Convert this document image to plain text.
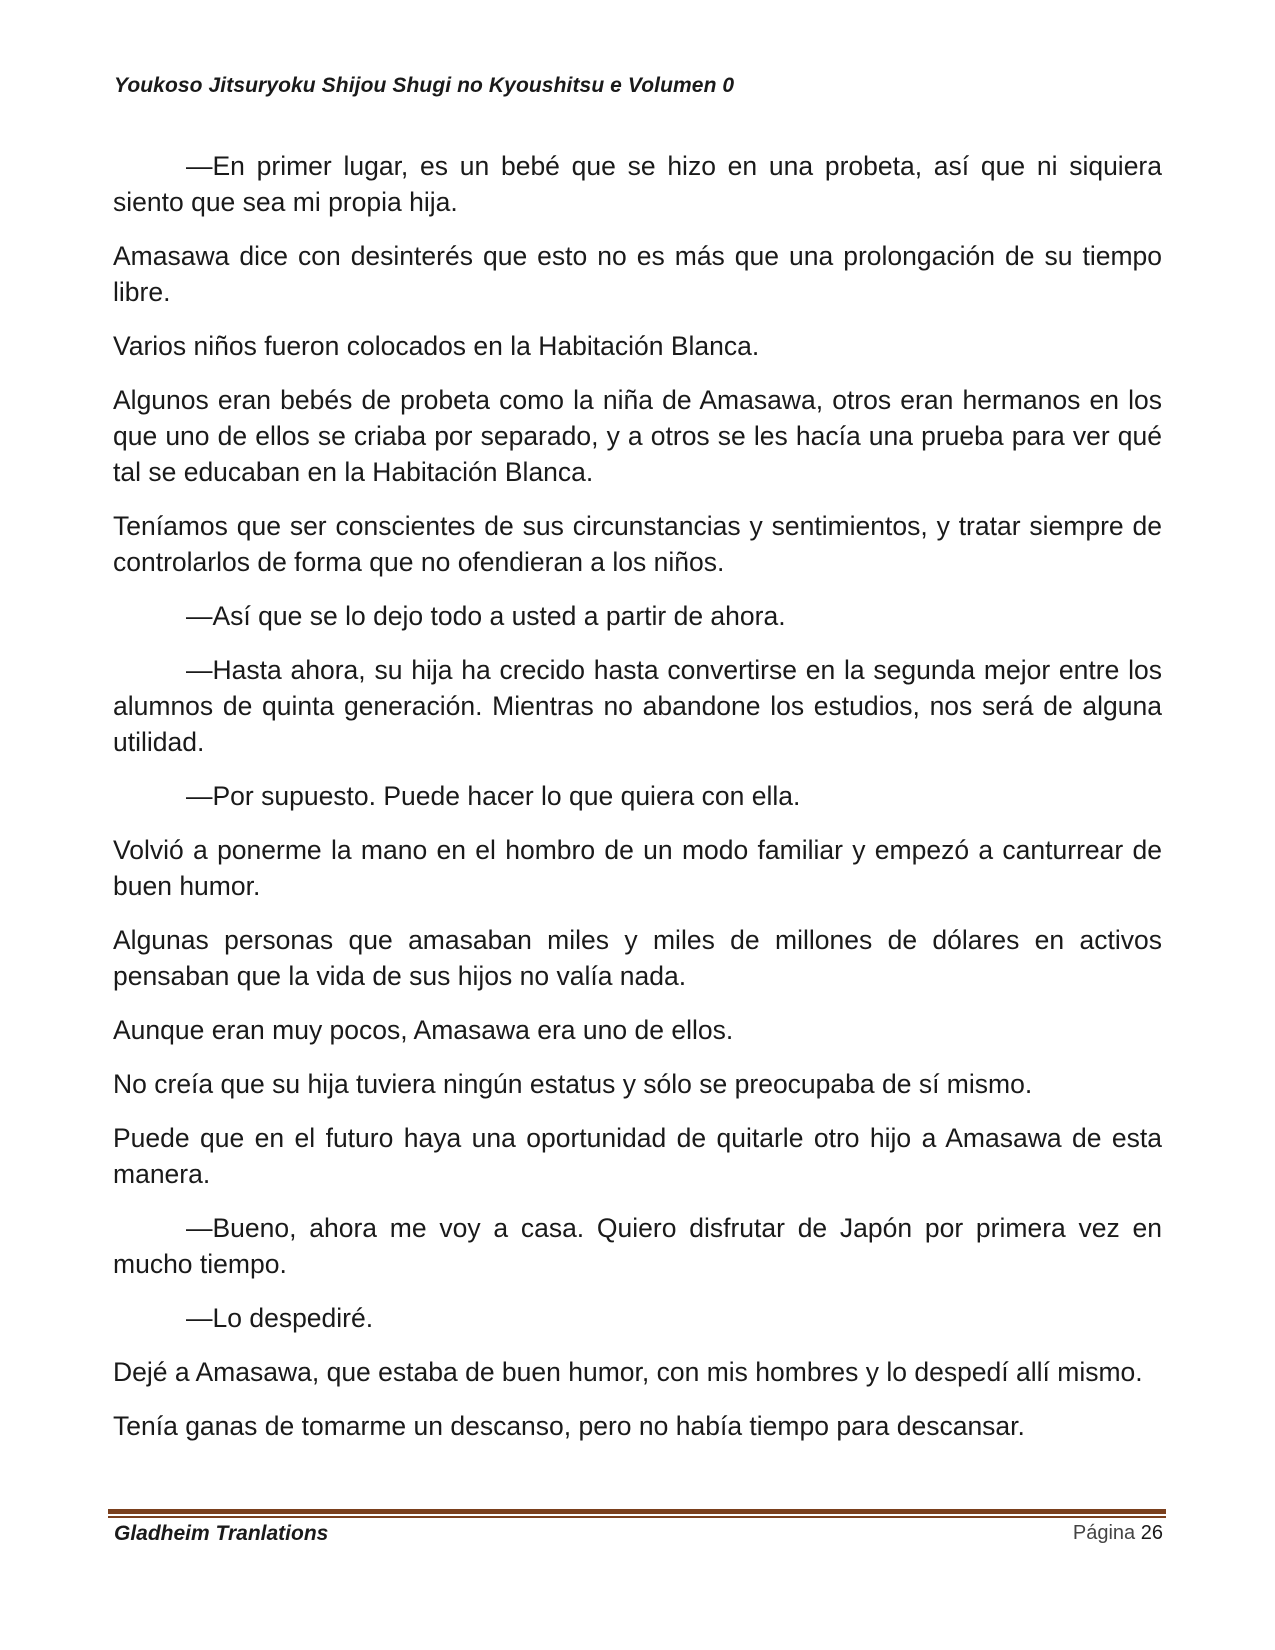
Youkoso Jitsuryoku Shijou Shugi no Kyoushitsu e Volumen 0

—En primer lugar, es un bebé que se hizo en una probeta, así que ni siquiera siento que sea mi propia hija.

Amasawa dice con desinterés que esto no es más que una prolongación de su tiempo libre.

Varios niños fueron colocados en la Habitación Blanca.

Algunos eran bebés de probeta como la niña de Amasawa, otros eran hermanos en los que uno de ellos se criaba por separado, y a otros se les hacía una prueba para ver qué tal se educaban en la Habitación Blanca.

Teníamos que ser conscientes de sus circunstancias y sentimientos, y tratar siempre de controlarlos de forma que no ofendieran a los niños.

—Así que se lo dejo todo a usted a partir de ahora.

—Hasta ahora, su hija ha crecido hasta convertirse en la segunda mejor entre los alumnos de quinta generación. Mientras no abandone los estudios, nos será de alguna utilidad.

—Por supuesto. Puede hacer lo que quiera con ella.

Volvió a ponerme la mano en el hombro de un modo familiar y empezó a canturrear de buen humor.

Algunas personas que amasaban miles y miles de millones de dólares en activos pensaban que la vida de sus hijos no valía nada.

Aunque eran muy pocos, Amasawa era uno de ellos.

No creía que su hija tuviera ningún estatus y sólo se preocupaba de sí mismo.

Puede que en el futuro haya una oportunidad de quitarle otro hijo a Amasawa de esta manera.

—Bueno, ahora me voy a casa. Quiero disfrutar de Japón por primera vez en mucho tiempo.

—Lo despediré.

Dejé a Amasawa, que estaba de buen humor, con mis hombres y lo despedí allí mismo.

Tenía ganas de tomarme un descanso, pero no había tiempo para descansar.

Gladheim Tranlations	Página 26
